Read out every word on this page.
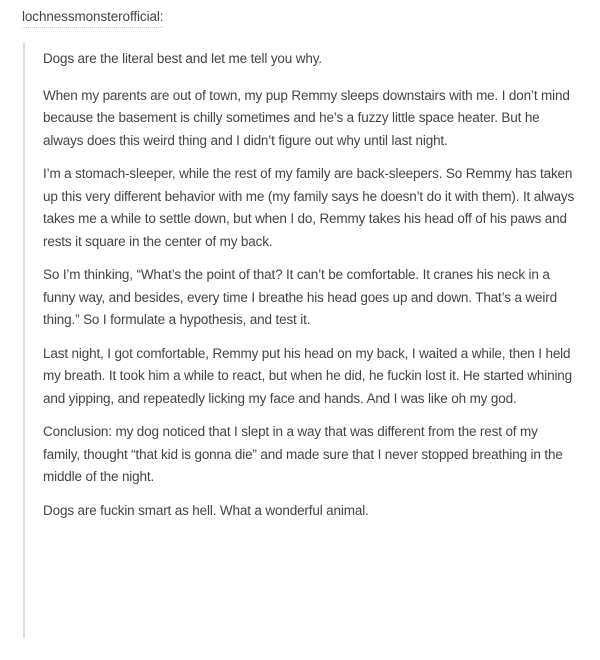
lochnessmonsterofficial:

Dogs are the literal best and let me tell you why.

When my parents are out of town, my pup Remmy sleeps downstairs with me. I don’t mind because the basement is chilly sometimes and he’s a fuzzy little space heater. But he always does this weird thing and I didn’t figure out why until last night.

I’m a stomach-sleeper, while the rest of my family are back-sleepers. So Remmy has taken up this very different behavior with me (my family says he doesn’t do it with them). It always takes me a while to settle down, but when I do, Remmy takes his head off of his paws and rests it square in the center of my back.

So I’m thinking, “What’s the point of that? It can’t be comfortable. It cranes his neck in a funny way, and besides, every time I breathe his head goes up and down. That’s a weird thing.” So I formulate a hypothesis, and test it.

Last night, I got comfortable, Remmy put his head on my back, I waited a while, then I held my breath. It took him a while to react, but when he did, he fuckin lost it. He started whining and yipping, and repeatedly licking my face and hands. And I was like oh my god.

Conclusion: my dog noticed that I slept in a way that was different from the rest of my family, thought “that kid is gonna die” and made sure that I never stopped breathing in the middle of the night.

Dogs are fuckin smart as hell. What a wonderful animal.
